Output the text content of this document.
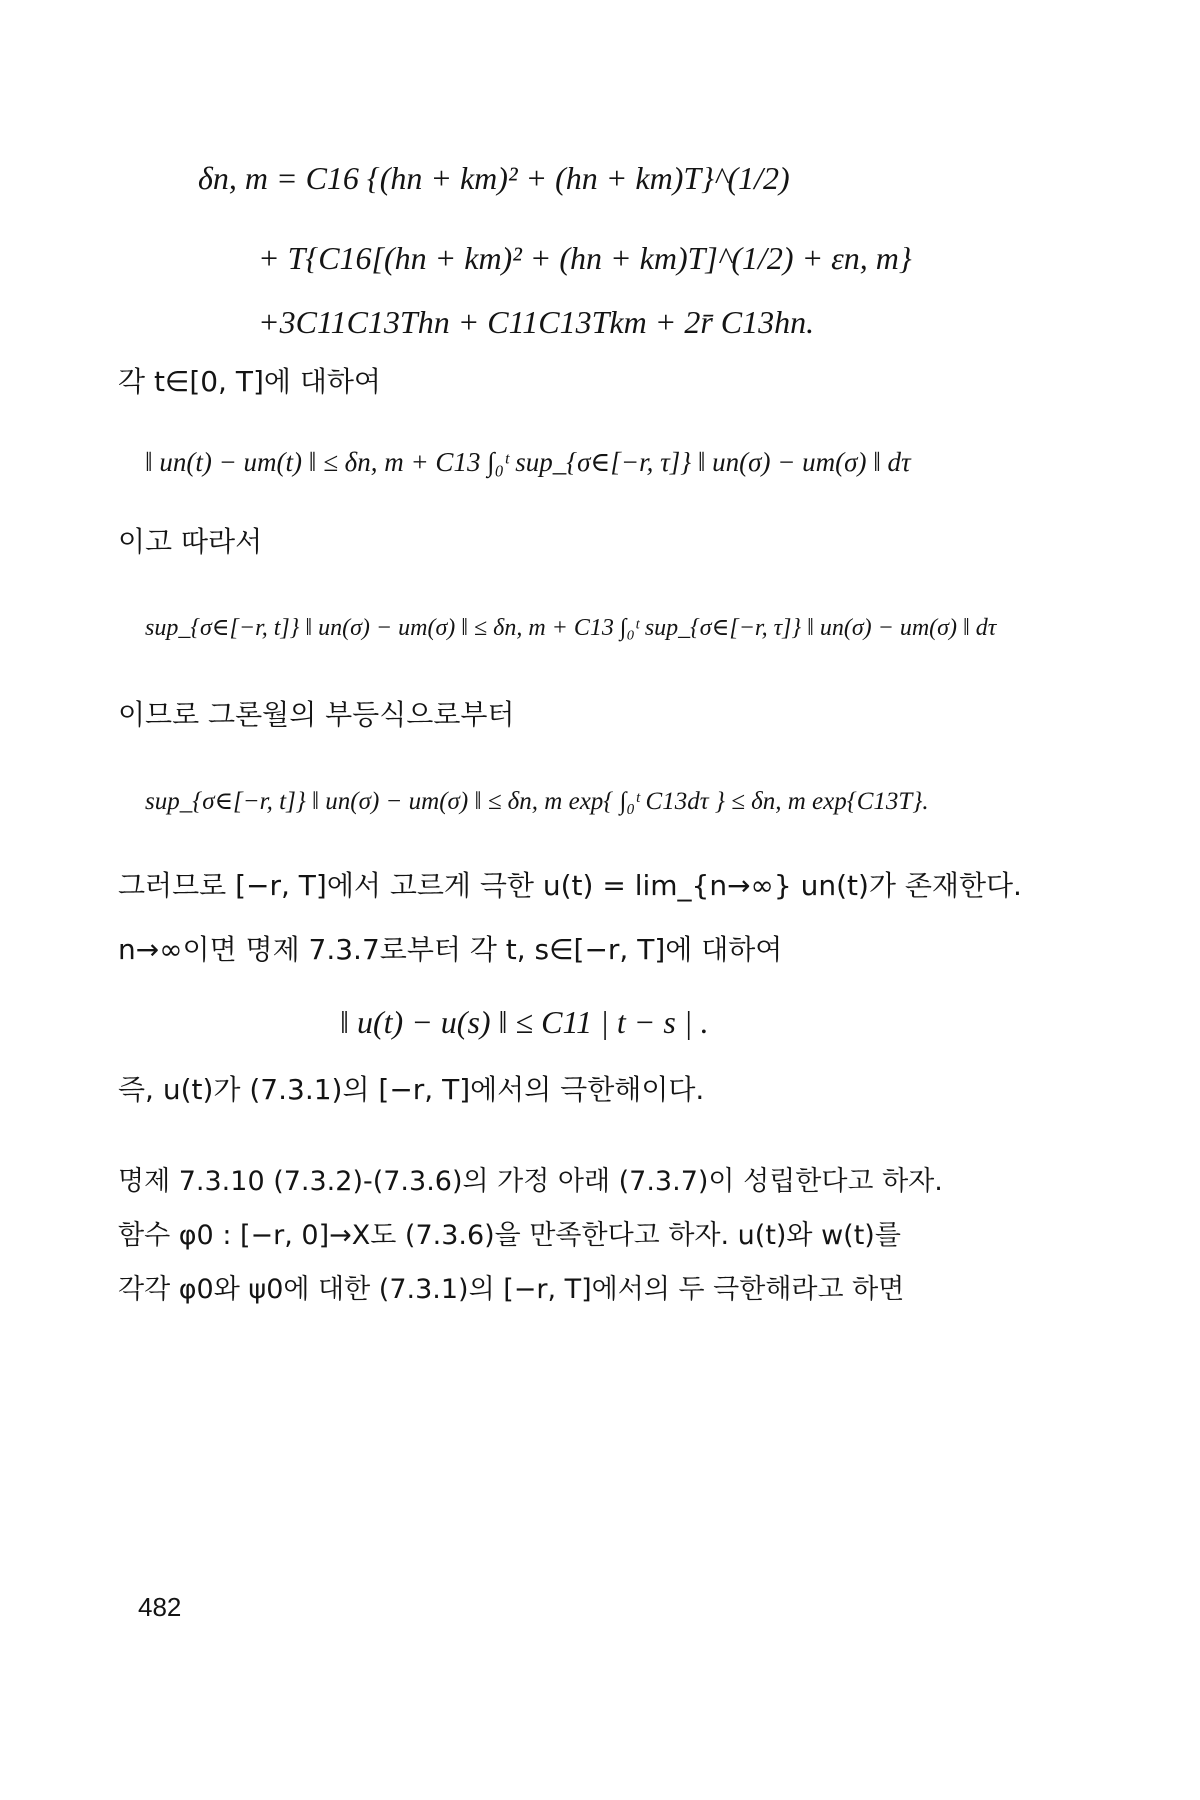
δn, m = C16 {(hn + km)² + (hn + km)T}^(1/2)
+ T{C16[(hn + km)² + (hn + km)T]^(1/2) + εn, m}
+3C11C13Thn + C11C13Tkm + 2r̄ C13hn.
각 t∈[0, T]에 대하여
‖ un(t) − um(t) ‖ ≤ δn, m + C13 ∫₀ᵗ sup_{σ∈[−r, τ]} ‖ un(σ) − um(σ) ‖ dτ
이고 따라서
sup_{σ∈[−r, t]} ‖ un(σ) − um(σ) ‖ ≤ δn, m + C13 ∫₀ᵗ sup_{σ∈[−r, τ]} ‖ un(σ) − um(σ) ‖ dτ
이므로 그론월의 부등식으로부터
sup_{σ∈[−r, t]} ‖ un(σ) − um(σ) ‖ ≤ δn, m exp{ ∫₀ᵗ C13dτ } ≤ δn, m exp{C13T}.
그러므로 [−r, T]에서 고르게 극한 u(t) = lim_{n→∞} un(t)가 존재한다.
n→∞이면 명제 7.3.7로부터 각 t, s∈[−r, T]에 대하여
‖ u(t) − u(s) ‖ ≤ C11 | t − s | .
즉, u(t)가 (7.3.1)의 [−r, T]에서의 극한해이다.
명제 7.3.10 (7.3.2)-(7.3.6)의 가정 아래 (7.3.7)이 성립한다고 하자.
함수 φ0 : [−r, 0]→X도 (7.3.6)을 만족한다고 하자. u(t)와 w(t)를
각각 φ0와 ψ0에 대한 (7.3.1)의 [−r, T]에서의 두 극한해라고 하면
482
